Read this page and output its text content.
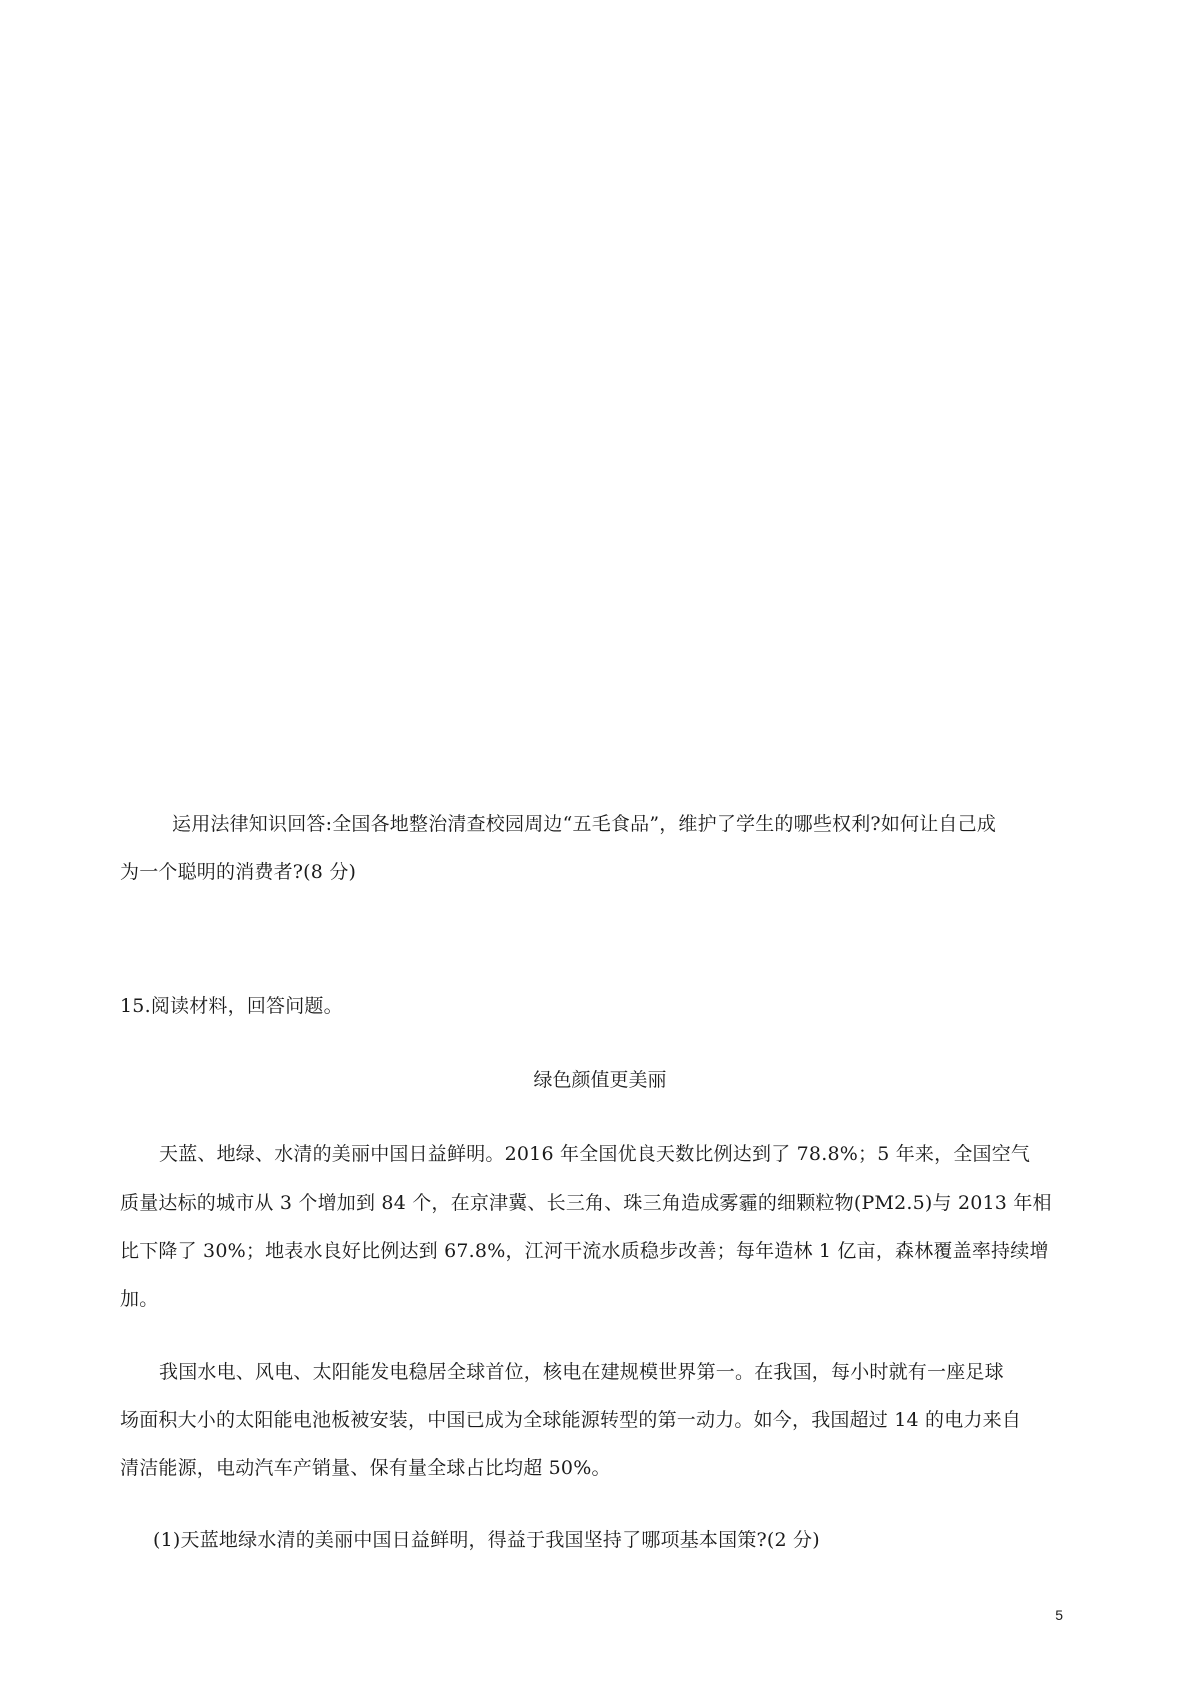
运用法律知识回答:全国各地整治清查校园周边“五毛食品”，维护了学生的哪些权利?如何让自己成
为一个聪明的消费者?(8 分)
15.阅读材料，回答问题。
绿色颜值更美丽
天蓝、地绿、水清的美丽中国日益鲜明。2016 年全国优良天数比例达到了 78.8%；5 年来，全国空气
质量达标的城市从 3 个增加到 84 个，在京津冀、长三角、珠三角造成雾霾的细颗粒物(PM2.5)与 2013 年相
比下降了 30%；地表水良好比例达到 67.8%，江河干流水质稳步改善；每年造林 1 亿亩，森林覆盖率持续增
加。
我国水电、风电、太阳能发电稳居全球首位，核电在建规模世界第一。在我国，每小时就有一座足球
场面积大小的太阳能电池板被安装，中国已成为全球能源转型的第一动力。如今，我国超过 14 的电力来自
清洁能源，电动汽车产销量、保有量全球占比均超 50%。
(1)天蓝地绿水清的美丽中国日益鲜明，得益于我国坚持了哪项基本国策?(2 分)
5
